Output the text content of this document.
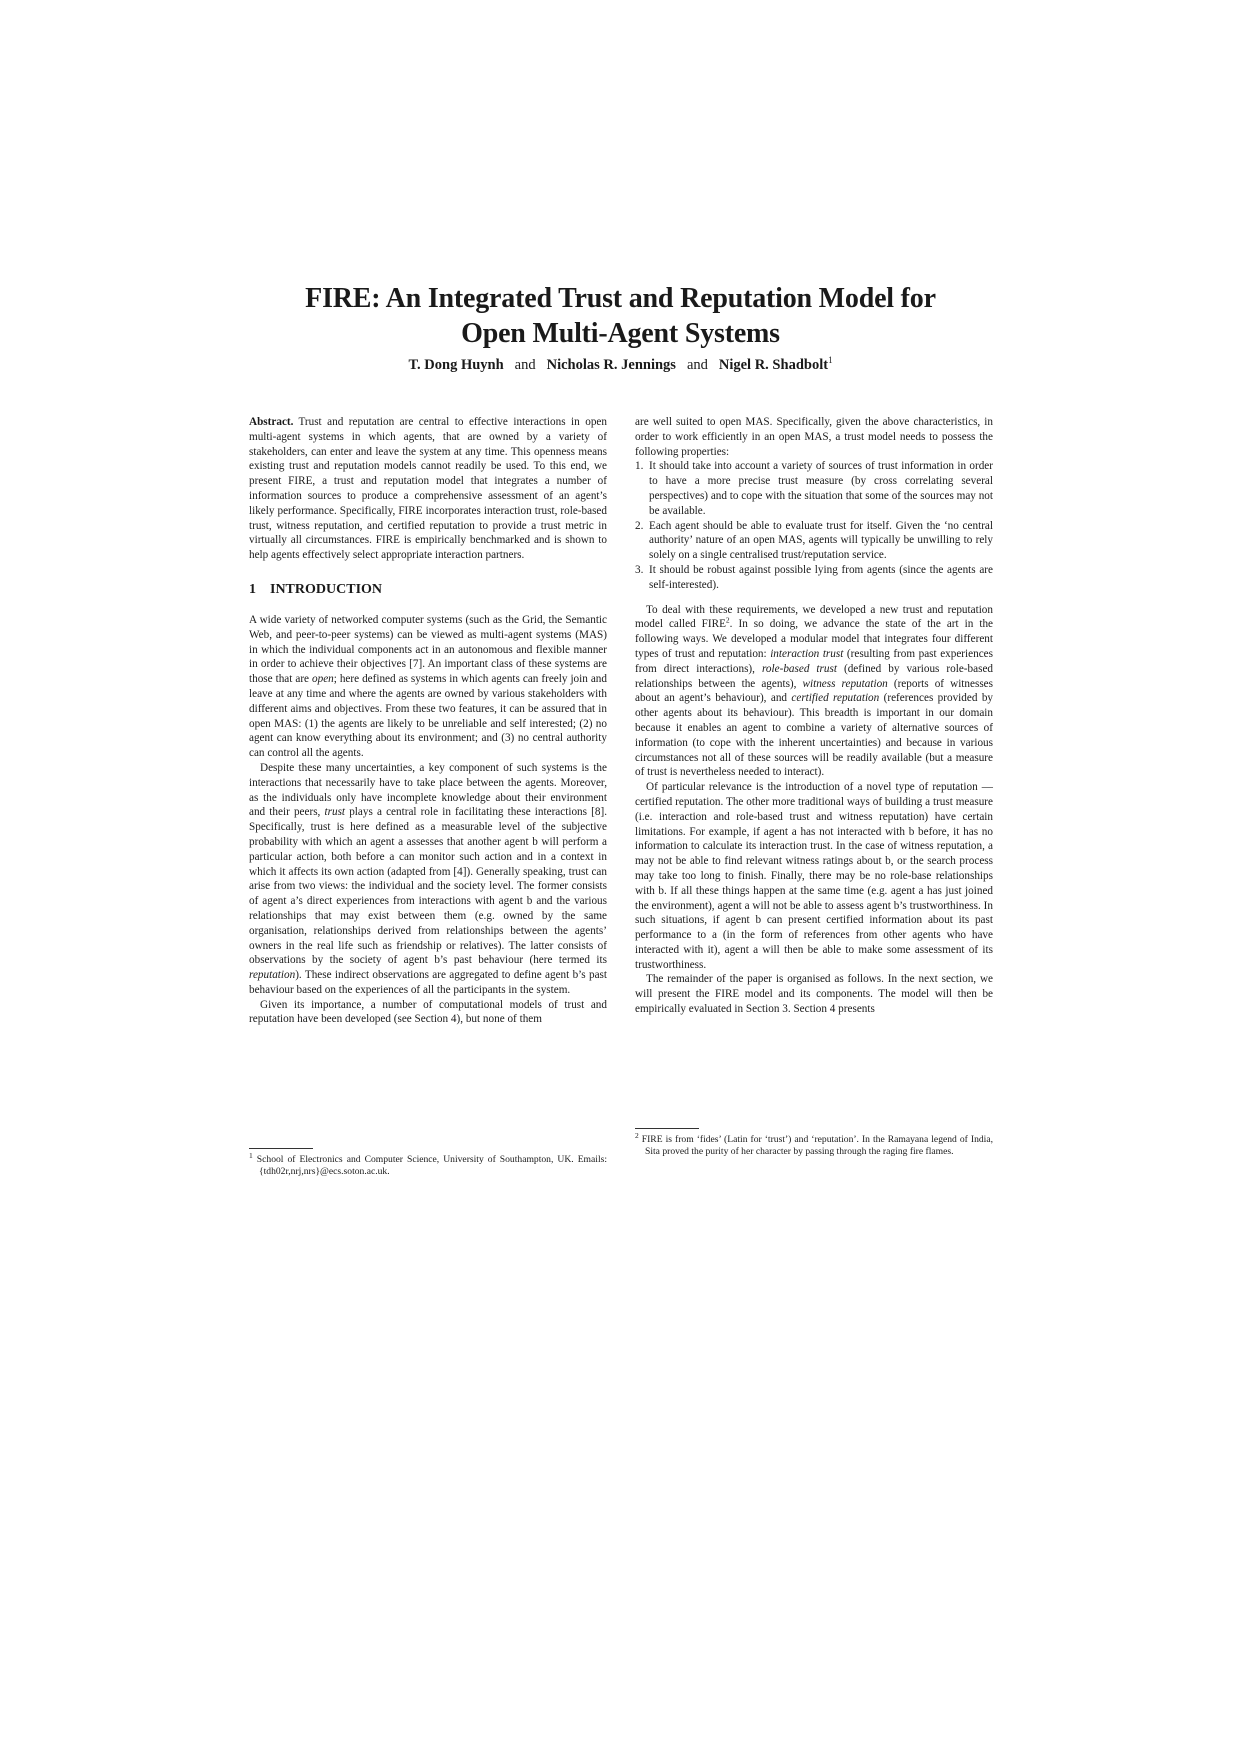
FIRE: An Integrated Trust and Reputation Model for
Open Multi-Agent Systems
T. Dong Huynh and Nicholas R. Jennings and Nigel R. Shadbolt$^1$

Abstract. Trust and reputation are central to effective interactions in open multi-agent systems in which agents, that are owned by a variety of stakeholders, can enter and leave the system at any time. This openness means existing trust and reputation models cannot readily be used. To this end, we present FIRE, a trust and reputation model that integrates a number of information sources to produce a comprehensive assessment of an agent’s likely performance. Specifically, FIRE incorporates interaction trust, role-based trust, witness reputation, and certified reputation to provide a trust metric in virtually all circumstances. FIRE is empirically benchmarked and is shown to help agents effectively select appropriate interaction partners.

1 INTRODUCTION

A wide variety of networked computer systems (such as the Grid, the Semantic Web, and peer-to-peer systems) can be viewed as multi-agent systems (MAS) in which the individual components act in an autonomous and flexible manner in order to achieve their objectives [7]. An important class of these systems are those that are open; here defined as systems in which agents can freely join and leave at any time and where the agents are owned by various stakeholders with different aims and objectives. From these two features, it can be assured that in open MAS: (1) the agents are likely to be unreliable and self interested; (2) no agent can know everything about its environment; and (3) no central authority can control all the agents.

Despite these many uncertainties, a key component of such systems is the interactions that necessarily have to take place between the agents. Moreover, as the individuals only have incomplete knowledge about their environment and their peers, trust plays a central role in facilitating these interactions [8]. Specifically, trust is here defined as a measurable level of the subjective probability with which an agent a assesses that another agent b will perform a particular action, both before a can monitor such action and in a context in which it affects its own action (adapted from [4]). Generally speaking, trust can arise from two views: the individual and the society level. The former consists of agent a’s direct experiences from interactions with agent b and the various relationships that may exist between them (e.g. owned by the same organisation, relationships derived from relationships between the agents’ owners in the real life such as friendship or relatives). The latter consists of observations by the society of agent b’s past behaviour (here termed its reputation). These indirect observations are aggregated to define agent b’s past behaviour based on the experiences of all the participants in the system.

Given its importance, a number of computational models of trust and reputation have been developed (see Section 4), but none of them

$^1$ School of Electronics and Computer Science, University of Southampton, UK. Emails: {tdh02r,nrj,nrs}@ecs.soton.ac.uk.

are well suited to open MAS. Specifically, given the above characteristics, in order to work efficiently in an open MAS, a trust model needs to possess the following properties:

1. It should take into account a variety of sources of trust information in order to have a more precise trust measure (by cross correlating several perspectives) and to cope with the situation that some of the sources may not be available.
2. Each agent should be able to evaluate trust for itself. Given the ‘no central authority’ nature of an open MAS, agents will typically be unwilling to rely solely on a single centralised trust/reputation service.
3. It should be robust against possible lying from agents (since the agents are self-interested).

To deal with these requirements, we developed a new trust and reputation model called FIRE$^2$. In so doing, we advance the state of the art in the following ways. We developed a modular model that integrates four different types of trust and reputation: interaction trust (resulting from past experiences from direct interactions), role-based trust (defined by various role-based relationships between the agents), witness reputation (reports of witnesses about an agent’s behaviour), and certified reputation (references provided by other agents about its behaviour). This breadth is important in our domain because it enables an agent to combine a variety of alternative sources of information (to cope with the inherent uncertainties) and because in various circumstances not all of these sources will be readily available (but a measure of trust is nevertheless needed to interact).

Of particular relevance is the introduction of a novel type of reputation — certified reputation. The other more traditional ways of building a trust measure (i.e. interaction and role-based trust and witness reputation) have certain limitations. For example, if agent a has not interacted with b before, it has no information to calculate its interaction trust. In the case of witness reputation, a may not be able to find relevant witness ratings about b, or the search process may take too long to finish. Finally, there may be no role-base relationships with b. If all these things happen at the same time (e.g. agent a has just joined the environment), agent a will not be able to assess agent b’s trustworthiness. In such situations, if agent b can present certified information about its past performance to a (in the form of references from other agents who have interacted with it), agent a will then be able to make some assessment of its trustworthiness.

The remainder of the paper is organised as follows. In the next section, we will present the FIRE model and its components. The model will then be empirically evaluated in Section 3. Section 4 presents

$^2$ FIRE is from ‘fides’ (Latin for ‘trust’) and ‘reputation’. In the Ramayana legend of India, Sita proved the purity of her character by passing through the raging fire flames.
